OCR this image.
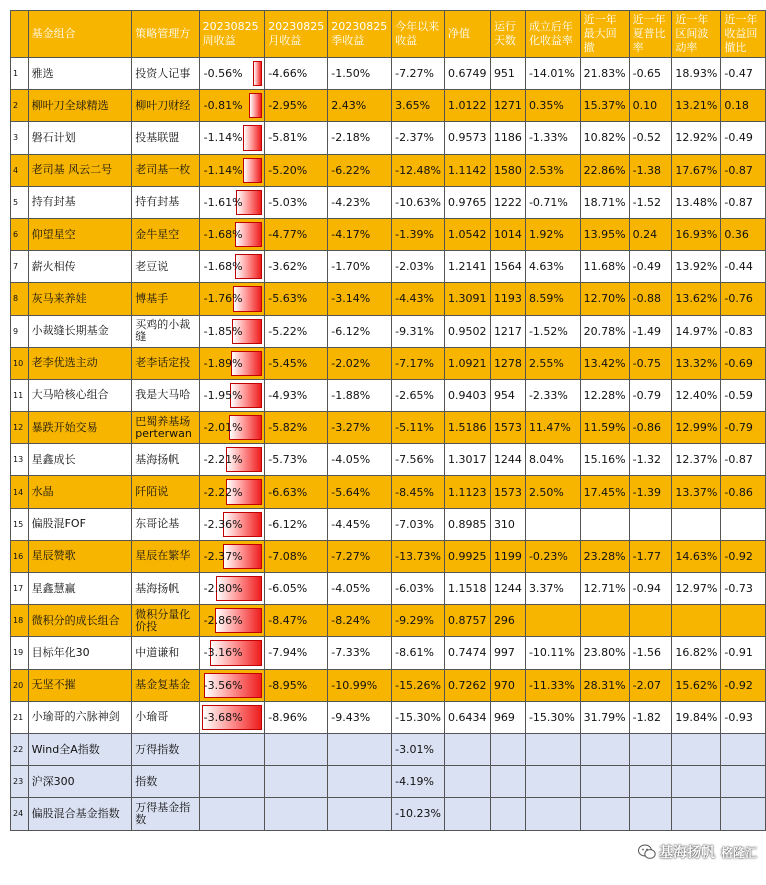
	基金组合	策略管理方	20230825周收益	20230825月收益	20230825季收益	今年以来收益	净值	运行天数	成立后年化收益率	近一年最大回撤	近一年夏普比率	近一年区间波动率	近一年收益回撤比
1	雅选	投资人记事	-0.56%	-4.66%	-1.50%	-7.27%	0.6749	951	-14.01%	21.83%	-0.65	18.93%	-0.47
2	柳叶刀全球精选	柳叶刀财经	-0.81%	-2.95%	2.43%	3.65%	1.0122	1271	0.35%	15.37%	0.10	13.21%	0.18
3	磐石计划	投基联盟	-1.14%	-5.81%	-2.18%	-2.37%	0.9573	1186	-1.33%	10.82%	-0.52	12.92%	-0.49
4	老司基 风云二号	老司基一枚	-1.14%	-5.20%	-6.22%	-12.48%	1.1142	1580	2.53%	22.86%	-1.38	17.67%	-0.87
5	持有封基	持有封基	-1.61%	-5.03%	-4.23%	-10.63%	0.9765	1222	-0.71%	18.71%	-1.52	13.48%	-0.87
6	仰望星空	金牛星空	-1.68%	-4.77%	-4.17%	-1.39%	1.0542	1014	1.92%	13.95%	0.24	16.93%	0.36
7	薪火相传	老豆说	-1.68%	-3.62%	-1.70%	-2.03%	1.2141	1564	4.63%	11.68%	-0.49	13.92%	-0.44
8	灰马来养娃	博基手	-1.76%	-5.63%	-3.14%	-4.43%	1.3091	1193	8.59%	12.70%	-0.88	13.62%	-0.76
9	小裁缝长期基金	买鸡的小裁缝	-1.85%	-5.22%	-6.12%	-9.31%	0.9502	1217	-1.52%	20.78%	-1.49	14.97%	-0.83
10	老李优选主动	老李话定投	-1.89%	-5.45%	-2.02%	-7.17%	1.0921	1278	2.55%	13.42%	-0.75	13.32%	-0.69
11	大马哈核心组合	我是大马哈	-1.95%	-4.93%	-1.88%	-2.65%	0.9403	954	-2.33%	12.28%	-0.79	12.40%	-0.59
12	暴跌开始交易	巴蜀养基场perterwan	-2.01%	-5.82%	-3.27%	-5.11%	1.5186	1573	11.47%	11.59%	-0.86	12.99%	-0.79
13	星鑫成长	基海扬帆	-2.21%	-5.73%	-4.05%	-7.56%	1.3017	1244	8.04%	15.16%	-1.32	12.37%	-0.87
14	水晶	阡陌说	-2.22%	-6.63%	-5.64%	-8.45%	1.1123	1573	2.50%	17.45%	-1.39	13.37%	-0.86
15	偏股混FOF	东哥论基	-2.36%	-6.12%	-4.45%	-7.03%	0.8985	310					
16	星辰赞歌	星辰在繁华	-2.37%	-7.08%	-7.27%	-13.73%	0.9925	1199	-0.23%	23.28%	-1.77	14.63%	-0.92
17	星鑫慧赢	基海扬帆	-2.80%	-6.05%	-4.05%	-6.03%	1.1518	1244	3.37%	12.71%	-0.94	12.97%	-0.73
18	微积分的成长组合	微积分量化价投	-2.86%	-8.47%	-8.24%	-9.29%	0.8757	296					
19	目标年化30	中道谦和	-3.16%	-7.94%	-7.33%	-8.61%	0.7474	997	-10.11%	23.80%	-1.56	16.82%	-0.91
20	无坚不摧	基金复基金	-3.56%	-8.95%	-10.99%	-15.26%	0.7262	970	-11.33%	28.31%	-2.07	15.62%	-0.92
21	小瑜哥的六脉神剑	小瑜哥	-3.68%	-8.96%	-9.43%	-15.30%	0.6434	969	-15.30%	31.79%	-1.82	19.84%	-0.93
22	Wind全A指数	万得指数				-3.01%							
23	沪深300	指数				-4.19%							
24	偏股混合基金指数	万得基金指数				-10.23%							
基海扬帆 格隆汇
